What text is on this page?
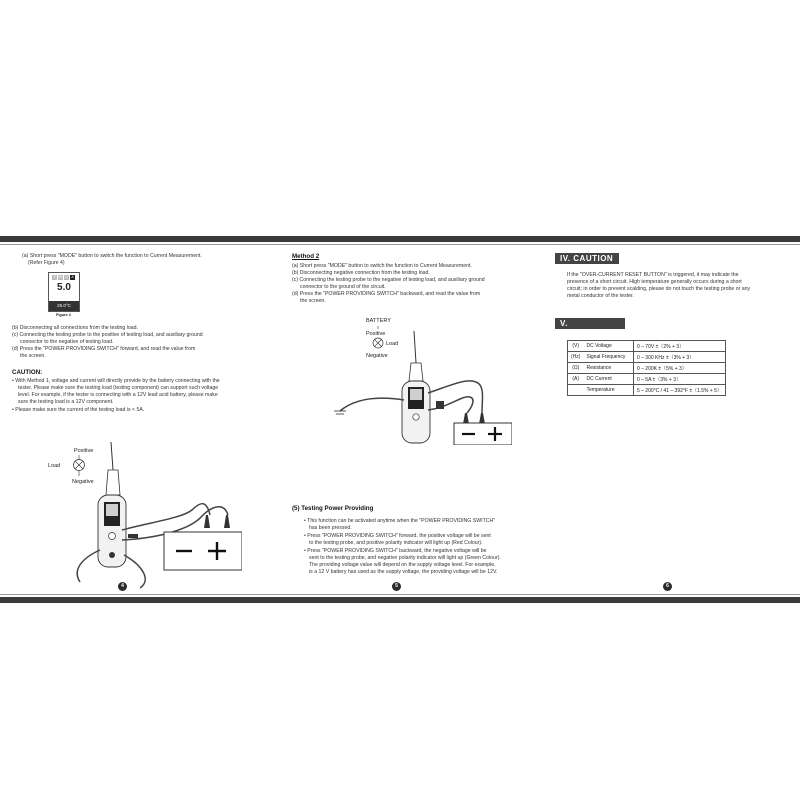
(a) Short press "MODE" button to switch the function to Current Measurement.
(Refer Figure 4)
V Hz Ω	A
5.0
25.0°C
Figure 4
(b) Disconnecting all connections from the testing load.
(c) Connecting the testing probe to the positive of testing load, and auxiliary ground
connector to the negative of testing load.
(d) Press the "POWER PROVIDING SWITCH" forward, and read the value from
the screen.
CAUTION:
• With Method 1, voltage and current will directly provide by the battery connecting with the
tester. Please make sure the testing load (testing component) can support such voltage
level. For example, if the tester is connecting with a 12V lead acid battery, please make
sure the testing load is a 12V component.
• Please make sure the current of the testing load is < 5A.
Positive
Load
Negative
4
Method 2
(a) Short press "MODE" button to switch the function to Current Measurement.
(b) Disconnecting negative connection from the testing load.
(c) Connecting the testing probe to the negative of testing load, and auxiliary ground
connector to the ground of the circuit.
(d) Press the "POWER PROVIDING SWITCH" backward, and read the value from
the screen.
BATTERY
Positive
Load
Negative
(5) Testing Power Providing
• This function can be activated anytime when the "POWER PROVIDING SWITCH"
has been pressed.
• Press "POWER PROVIDING SWITCH" forward, the positive voltage will be sent
to the testing probe, and positive polarity indicator will light up (Red Colour).
• Press "POWER PROVIDING SWITCH" backward, the negative voltage will be
sent to the testing probe, and negative polarity indicator will light up (Green Colour).
The providing voltage value will depend on the supply voltage level. For example,
is a 12 V battery has used as the supply voltage, the providing voltage will be 12V.
5
IV. CAUTION
If the "OVER-CURRENT RESET BUTTON" is triggered, it may indicate the
presence of a short circuit. High temperature generally occurs during a short
circuit; in order to prevent scalding, please do not touch the testing probe or any
metal conductor of the tester.
V. ACCURACY
(V)	DC Voltage	0 – 70V ±（2% + 3）
(Hz)	Signal Frequency	0 – 300 KHz ±（3% + 3）
(Ω)	Resistance	0 – 200K ±（5% + 3）
(A)	DC Current	0 – 5A ±（3% + 3）
	Temperature	5 – 200°C / 41 – 392°F ±（1.5% + 5）
6
